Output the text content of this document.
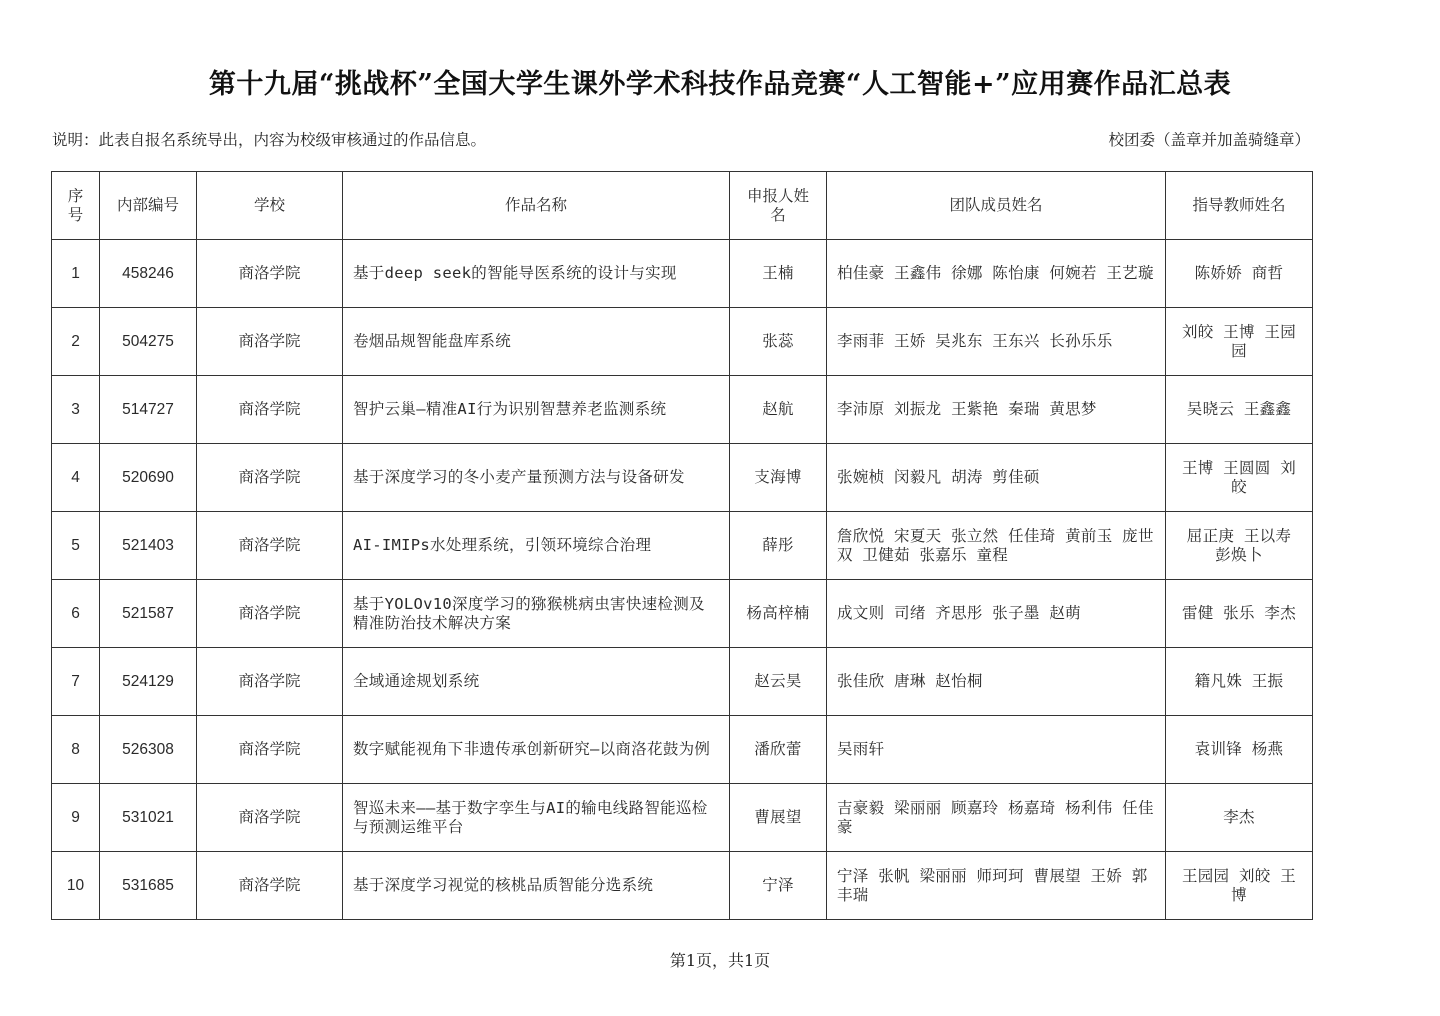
第十九届“挑战杯”全国大学生课外学术科技作品竞赛“人工智能+”应用赛作品汇总表
说明：此表自报名系统导出，内容为校级审核通过的作品信息。	校团委（盖章并加盖骑缝章）
序号	内部编号	学校	作品名称	申报人姓名	团队成员姓名	指导教师姓名
1	458246	商洛学院	基于deep seek的智能导医系统的设计与实现	王楠	柏佳豪 王鑫伟 徐娜 陈怡康 何婉若 王艺璇	陈娇娇 商哲
2	504275	商洛学院	卷烟品规智能盘库系统	张蕊	李雨菲 王娇 吴兆东 王东兴 长孙乐乐	刘皎 王博 王园园
3	514727	商洛学院	智护云巢—精准AI行为识别智慧养老监测系统	赵航	李沛原 刘振龙 王紫艳 秦瑞 黄思梦	吴晓云 王鑫鑫
4	520690	商洛学院	基于深度学习的冬小麦产量预测方法与设备研发	支海博	张婉桢 闵毅凡 胡涛 剪佳硕	王博 王圆圆 刘皎
5	521403	商洛学院	AI-IMIPs水处理系统，引领环境综合治理	薛彤	詹欣悦 宋夏天 张立然 任佳琦 黄前玉 庞世双 卫健茹 张嘉乐 童程	屈正庚 王以寿 彭焕卜
6	521587	商洛学院	基于YOLOv10深度学习的猕猴桃病虫害快速检测及精准防治技术解决方案	杨高梓楠	成文则 司绪 齐思彤 张子墨 赵萌	雷健 张乐 李杰
7	524129	商洛学院	全域通途规划系统	赵云昊	张佳欣 唐琳 赵怡桐	籍凡姝 王振
8	526308	商洛学院	数字赋能视角下非遗传承创新研究—以商洛花鼓为例	潘欣蕾	吴雨轩	袁训锋 杨燕
9	531021	商洛学院	智巡未来——基于数字孪生与AI的输电线路智能巡检与预测运维平台	曹展望	吉豪毅 梁丽丽 顾嘉玲 杨嘉琦 杨利伟 任佳豪	李杰
10	531685	商洛学院	基于深度学习视觉的核桃品质智能分选系统	宁泽	宁泽 张帆 梁丽丽 师珂珂 曹展望 王娇 郭丰瑞	王园园 刘皎 王博
第1页，共1页
